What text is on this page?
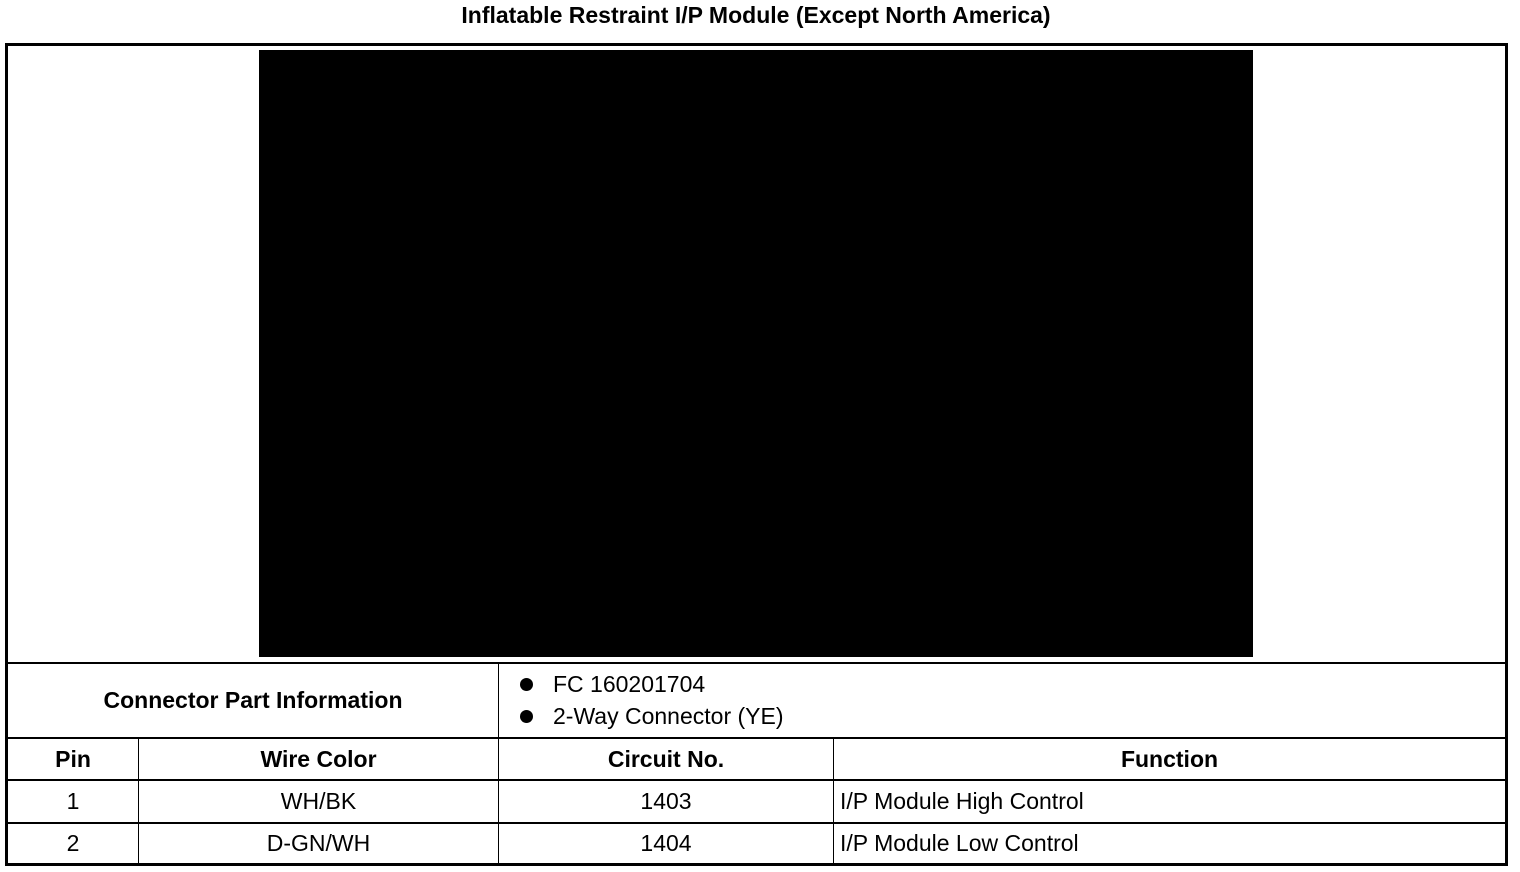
Inflatable Restraint I/P Module (Except North America)
Connector Part Information
FC 160201704
2-Way Connector (YE)
Pin	Wire Color	Circuit No.	Function
1	WH/BK	1403	I/P Module High Control
2	D-GN/WH	1404	I/P Module Low Control
